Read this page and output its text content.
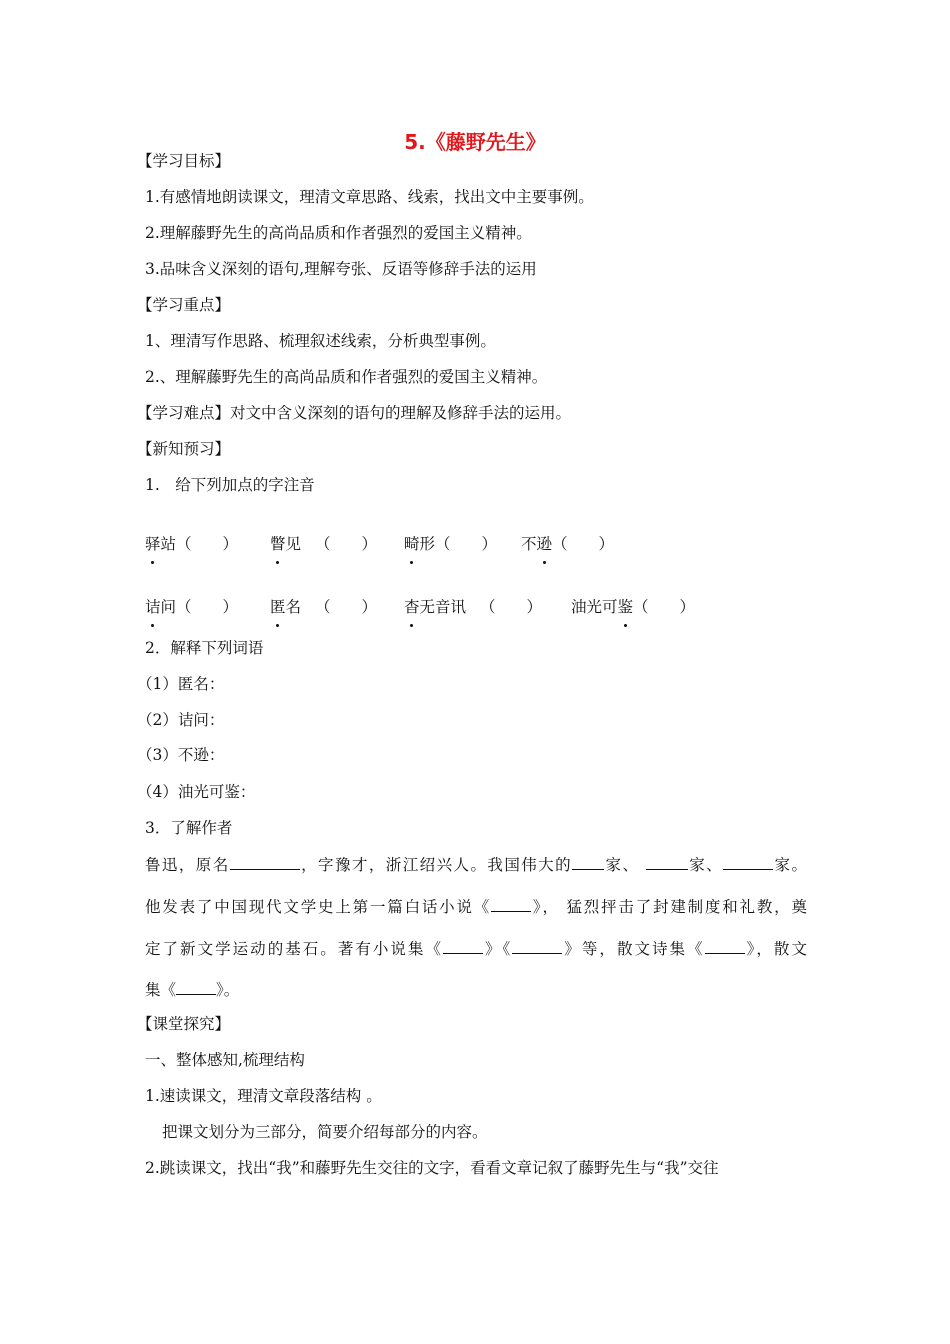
5.《藤野先生》
【学习目标】
1.有感情地朗读课文，理清文章思路、线索，找出文中主要事例。
2.理解藤野先生的高尚品质和作者强烈的爱国主义精神。
3.品味含义深刻的语句,理解夸张、反语等修辞手法的运用
【学习重点】
1、理清写作思路、梳理叙述线索，分析典型事例。
2.、理解藤野先生的高尚品质和作者强烈的爱国主义精神。
【学习难点】对文中含义深刻的语句的理解及修辞手法的运用。
【新知预习】
1.　给下列加点的字注音
驿站（　　） 瞥见 （　　） 畸形（　　） 不逊（　　）
诘问（　　） 匿名 （　　） 杳无音讯 （　　） 油光可鉴（　　）
2．解释下列词语
（1）匿名：
（2）诘问：
（3）不逊：
（4）油光可鉴：
3．了解作者
鲁迅，原名	，字豫才，浙江绍兴人。我国伟大的 家、	家、	家。
他发表了中国现代文学史上第一篇白话小说《	》， 猛烈抨击了封建制度和礼教，奠
定了新文学运动的基石。著有小说集《	》《	》等，散文诗集《	》，散文
集《	》。
【课堂探究】
一、整体感知,梳理结构
1.速读课文，理清文章段落结构 。
把课文划分为三部分，简要介绍每部分的内容。
2.跳读课文，找出“我”和藤野先生交往的文字，看看文章记叙了藤野先生与“我”交往
